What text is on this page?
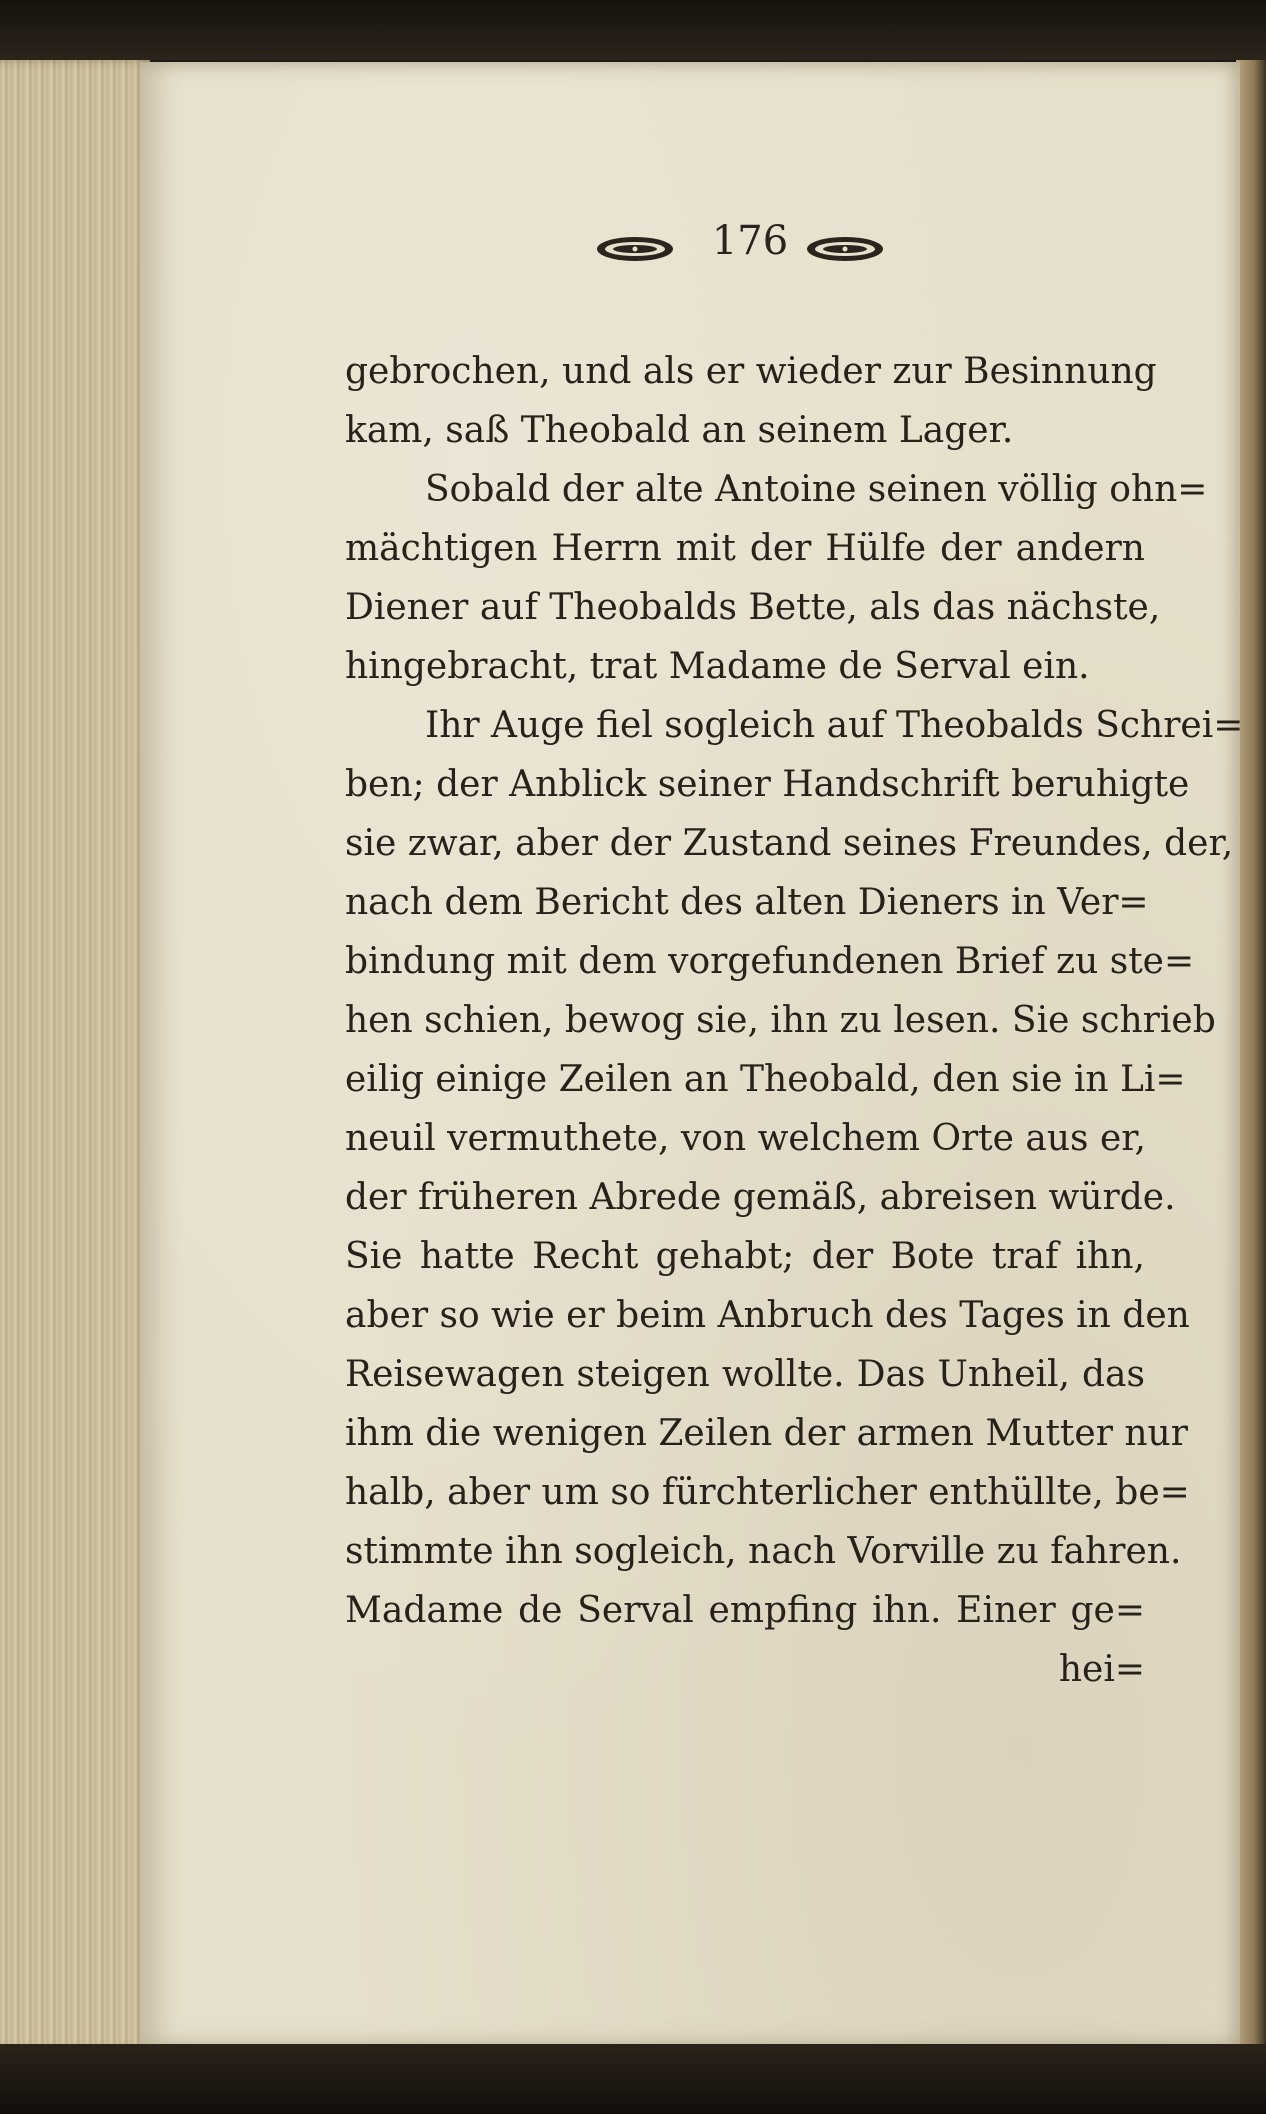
176
gebrochen, und als er wieder zur Besinnung
kam, saß Theobald an seinem Lager.
Sobald der alte Antoine seinen völlig ohn=
mächtigen Herrn mit der Hülfe der andern
Diener auf Theobalds Bette, als das nächste,
hingebracht, trat Madame de Serval ein.
Ihr Auge fiel sogleich auf Theobalds Schrei=
ben; der Anblick seiner Handschrift beruhigte
sie zwar, aber der Zustand seines Freundes, der,
nach dem Bericht des alten Dieners in Ver=
bindung mit dem vorgefundenen Brief zu ste=
hen schien, bewog sie, ihn zu lesen. Sie schrieb
eilig einige Zeilen an Theobald, den sie in Li=
neuil vermuthete, von welchem Orte aus er,
der früheren Abrede gemäß, abreisen würde.
Sie hatte Recht gehabt; der Bote traf ihn,
aber so wie er beim Anbruch des Tages in den
Reisewagen steigen wollte. Das Unheil, das
ihm die wenigen Zeilen der armen Mutter nur
halb, aber um so fürchterlicher enthüllte, be=
stimmte ihn sogleich, nach Vorville zu fahren.
Madame de Serval empfing ihn. Einer ge=
hei=
